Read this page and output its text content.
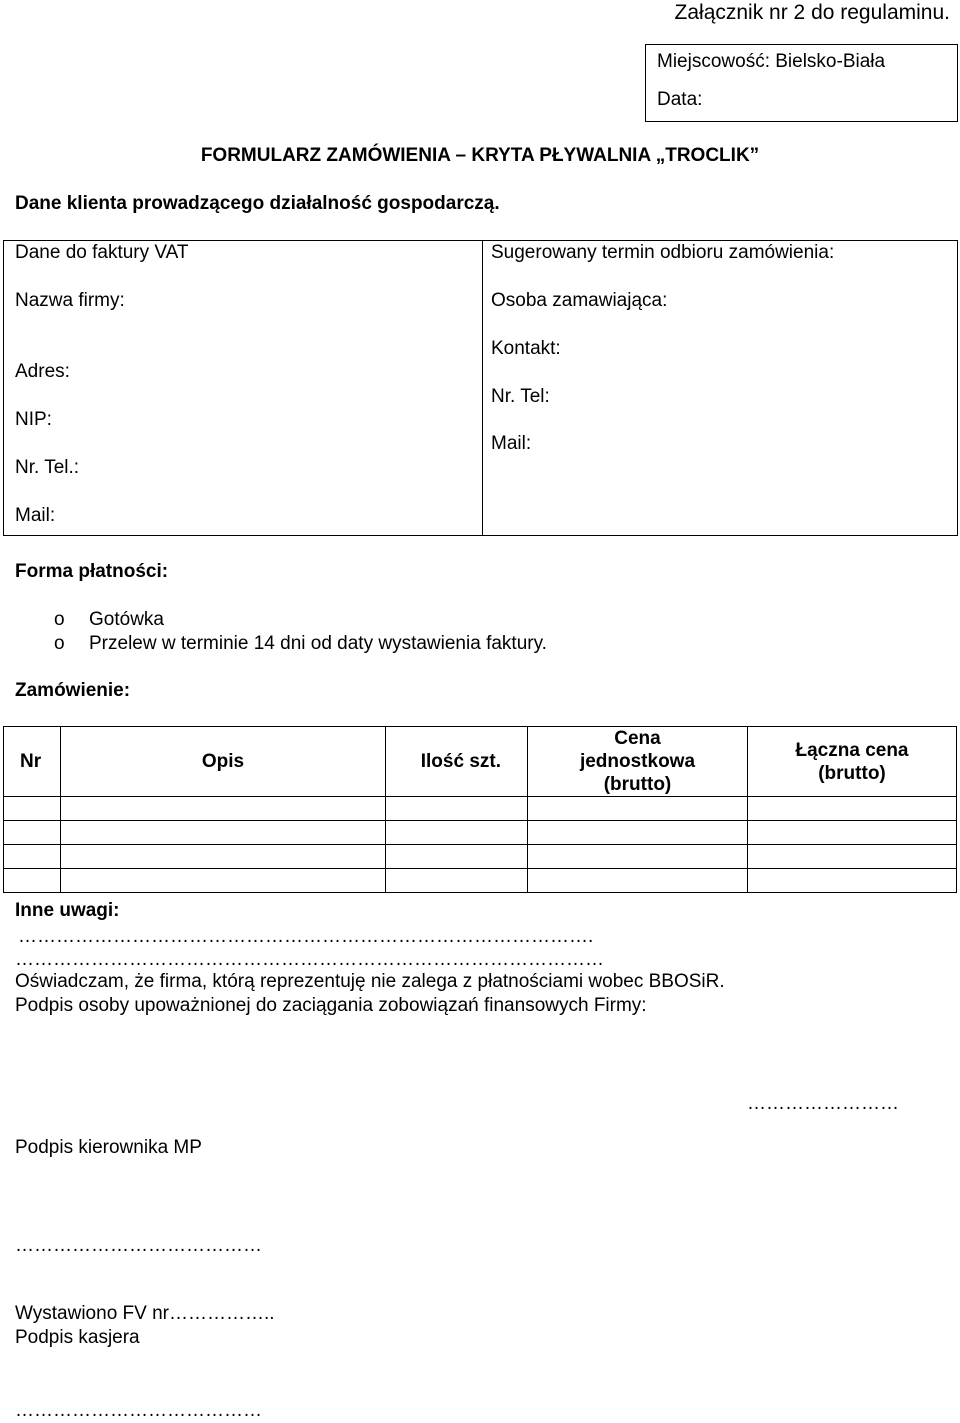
Załącznik nr 2 do regulaminu.
Miejscowość: Bielsko-Biała
Data:
FORMULARZ ZAMÓWIENIA – KRYTA PŁYWALNIA „TROCLIK”
Dane klienta prowadzącego działalność gospodarczą.
Dane do faktury VAT
Nazwa firmy:
Adres:
NIP:
Nr. Tel.:
Mail:
Sugerowany termin odbioru zamówienia:
Osoba zamawiająca:
Kontakt:
Nr. Tel:
Mail:
Forma płatności:
o Gotówka
o Przelew w terminie 14 dni od daty wystawienia faktury.
Zamówienie:
Nr	Opis	Ilość szt.	Cena jednostkowa (brutto)	Łączna cena (brutto)

Inne uwagi:
……………………………………………………………………………….
…………………………………………………………………………………
Oświadczam, że firma, którą reprezentuję nie zalega z płatnościami wobec BBOSiR.
Podpis osoby upoważnionej do zaciągania zobowiązań finansowych Firmy:
……………………
Podpis kierownika MP
…………………………………
Wystawiono FV nr……………..
Podpis kasjera
…………………………………
